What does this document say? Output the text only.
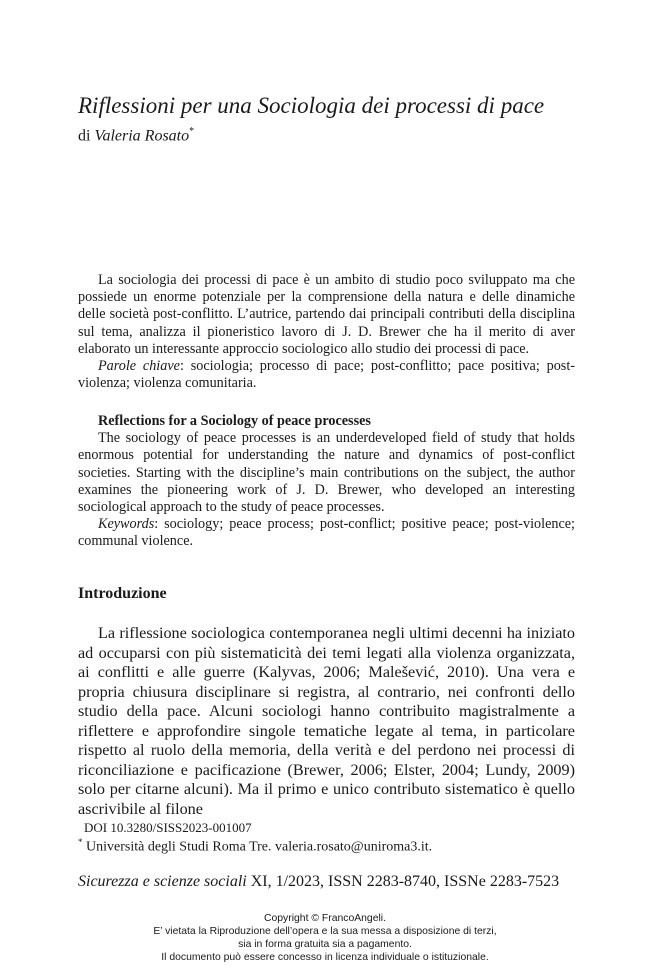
Riflessioni per una Sociologia dei processi di pace
di Valeria Rosato*

La sociologia dei processi di pace è un ambito di studio poco sviluppato ma che possiede un enorme potenziale per la comprensione della natura e delle dinamiche delle società post-conflitto. L’autrice, partendo dai principali contributi della disciplina sul tema, analizza il pioneristico lavoro di J. D. Brewer che ha il merito di aver elaborato un interessante approccio sociologico allo studio dei processi di pace.

Parole chiave: sociologia; processo di pace; post-conflitto; pace positiva; post-violenza; violenza comunitaria.

Reflections for a Sociology of peace processes

The sociology of peace processes is an underdeveloped field of study that holds enormous potential for understanding the nature and dynamics of post-conflict societies. Starting with the discipline’s main contributions on the subject, the author examines the pioneering work of J. D. Brewer, who developed an interesting sociological approach to the study of peace processes.

Keywords: sociology; peace process; post-conflict; positive peace; post-violence; communal violence.

Introduzione

La riflessione sociologica contemporanea negli ultimi decenni ha iniziato ad occuparsi con più sistematicità dei temi legati alla violenza organizzata, ai conflitti e alle guerre (Kalyvas, 2006; Malešević, 2010). Una vera e propria chiusura disciplinare si registra, al contrario, nei confronti dello studio della pace. Alcuni sociologi hanno contribuito magistralmente a riflettere e approfondire singole tematiche legate al tema, in particolare rispetto al ruolo della memoria, della verità e del perdono nei processi di riconciliazione e pacificazione (Brewer, 2006; Elster, 2004; Lundy, 2009) solo per citarne alcuni). Ma il primo e unico contributo sistematico è quello ascrivibile al filone

DOI 10.3280/SISS2023-001007
* Università degli Studi Roma Tre. valeria.rosato@uniroma3.it.
Sicurezza e scienze sociali XI, 1/2023, ISSN 2283-8740, ISSNe 2283-7523
Copyright © FrancoAngeli.
E’ vietata la Riproduzione dell’opera e la sua messa a disposizione di terzi,
sia in forma gratuita sia a pagamento.
Il documento può essere concesso in licenza individuale o istituzionale.
